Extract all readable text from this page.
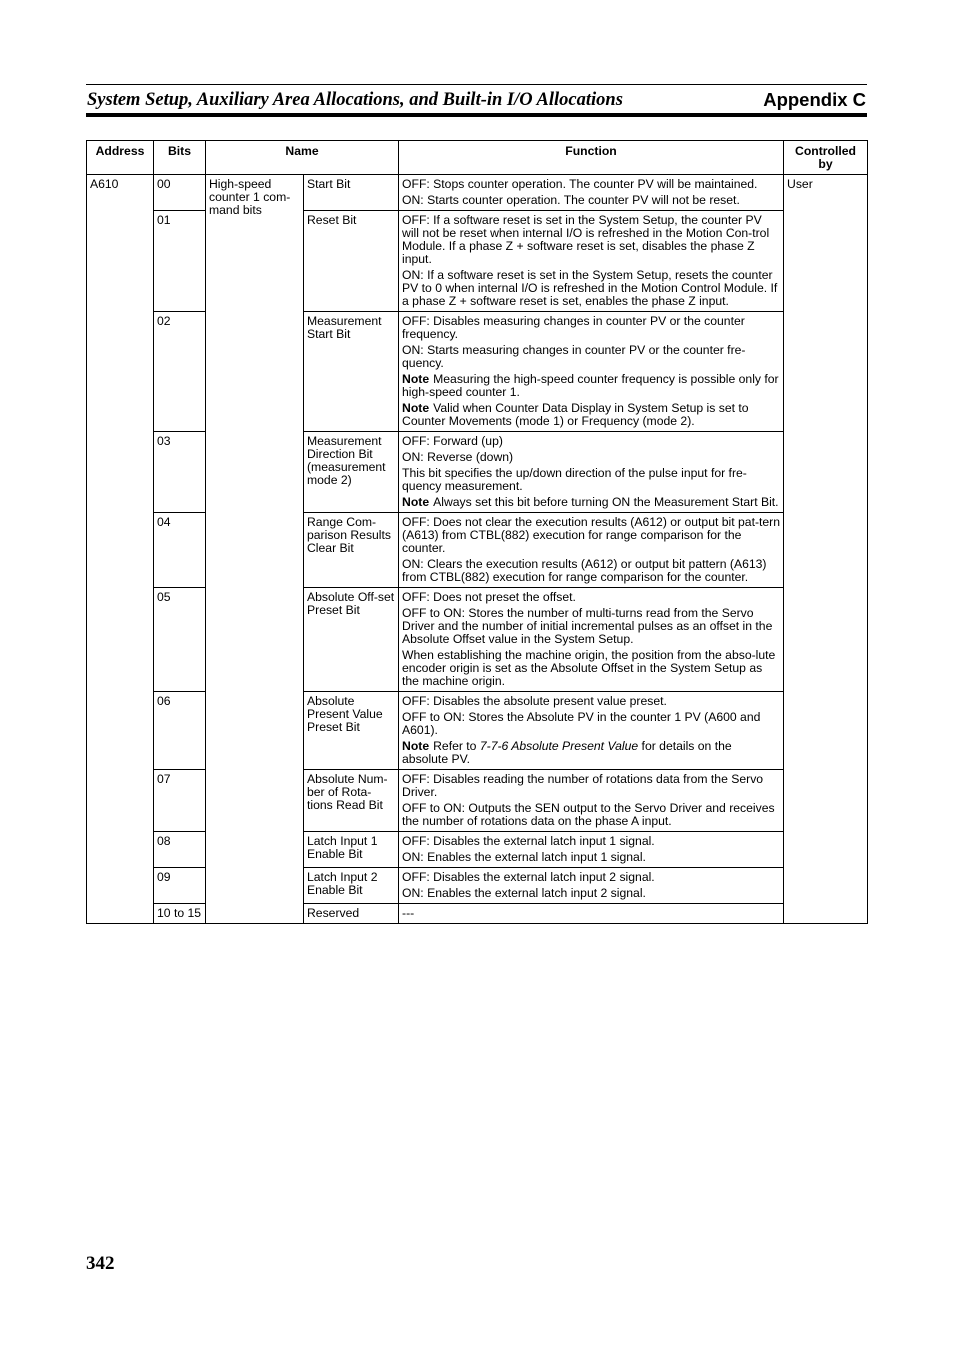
System Setup, Auxiliary Area Allocations, and Built-in I/O Allocations	Appendix C
Address	Bits	Name		Function	Controlled by
A610	00	High-speed counter 1 com-mand bits	Start Bit	OFF: Stops counter operation. The counter PV will be maintained.

ON: Starts counter operation. The counter PV will not be reset.	User
	01		Reset Bit	OFF: If a software reset is set in the System Setup, the counter PV will not be reset when internal I/O is refreshed in the Motion Con-trol Module. If a phase Z + software reset is set, disables the phase Z input.

ON: If a software reset is set in the System Setup, resets the counter PV to 0 when internal I/O is refreshed in the Motion Control Module. If a phase Z + software reset is set, enables the phase Z input.	

	02		Measurement Start Bit	OFF: Disables measuring changes in counter PV or the counter frequency.

ON: Starts measuring changes in counter PV or the counter fre-quency.

Note Measuring the high-speed counter frequency is possible only for high-speed counter 1.

Note Valid when Counter Data Display in System Setup is set to Counter Movements (mode 1) or Frequency (mode 2).	

	03		Measurement Direction Bit (measurement mode 2)	OFF: Forward (up)

ON: Reverse (down)

This bit specifies the up/down direction of the pulse input for fre-quency measurement.

Note Always set this bit before turning ON the Measurement Start Bit.	

	04		Range Com-parison Results Clear Bit	OFF: Does not clear the execution results (A612) or output bit pat-tern (A613) from CTBL(882) execution for range comparison for the counter.

ON: Clears the execution results (A612) or output bit pattern (A613) from CTBL(882) execution for range comparison for the counter.	

	05		Absolute Off-set Preset Bit	OFF: Does not preset the offset.

OFF to ON: Stores the number of multi-turns read from the Servo Driver and the number of initial incremental pulses as an offset in the Absolute Offset value in the System Setup.

When establishing the machine origin, the position from the abso-lute encoder origin is set as the Absolute Offset in the System Setup as the machine origin.	

	06		Absolute Present Value Preset Bit	OFF: Disables the absolute present value preset.

OFF to ON: Stores the Absolute PV in the counter 1 PV (A600 and A601).

Note Refer to 7-7-6 Absolute Present Value for details on the absolute PV.	

	07		Absolute Num-ber of Rota-tions Read Bit	OFF: Disables reading the number of rotations data from the Servo Driver.

OFF to ON: Outputs the SEN output to the Servo Driver and receives the number of rotations data on the phase A input.	

	08		Latch Input 1 Enable Bit	OFF: Disables the external latch input 1 signal.

ON: Enables the external latch input 1 signal.	

	09		Latch Input 2 Enable Bit	OFF: Disables the external latch input 2 signal.

ON: Enables the external latch input 2 signal.	

	10 to 15		Reserved	---	

342
